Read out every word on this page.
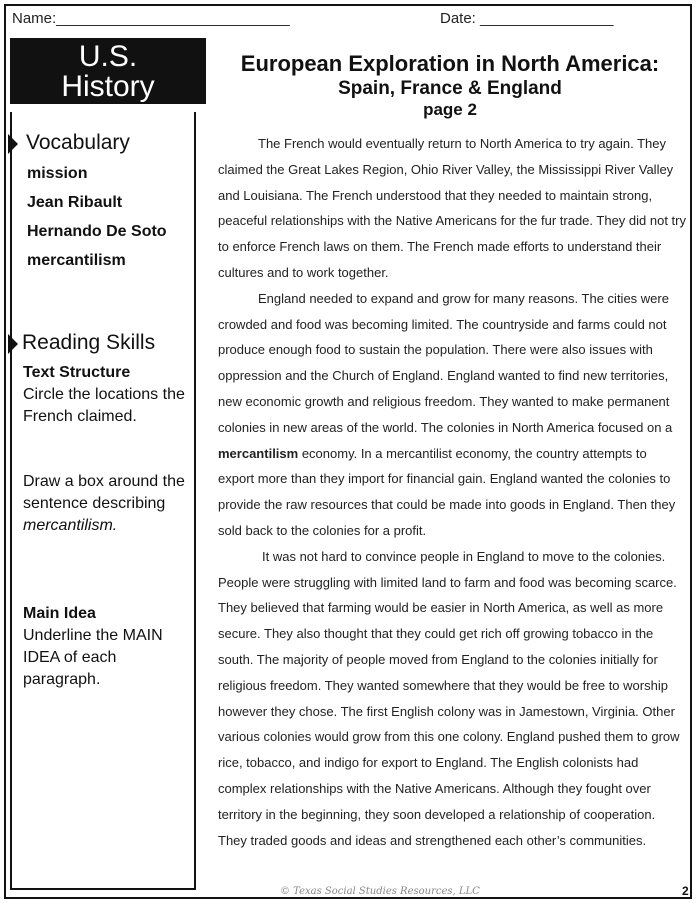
Name:____________________________	Date: ________________
U.S.
History
Vocabulary
mission
Jean Ribault
Hernando De Soto
mercantilism
Reading Skills
Text Structure
Circle the locations the French claimed.
Draw a box around the sentence describing mercantilism.
Main Idea
Underline the MAIN IDEA of each paragraph.
European Exploration in North America:
Spain, France & England
page 2

The French would eventually return to North America to try again. They claimed the Great Lakes Region, Ohio River Valley, the Mississippi River Valley and Louisiana. The French understood that they needed to maintain strong, peaceful relationships with the Native Americans for the fur trade. They did not try to enforce French laws on them. The French made efforts to understand their cultures and to work together.

England needed to expand and grow for many reasons. The cities were crowded and food was becoming limited. The countryside and farms could not produce enough food to sustain the population. There were also issues with oppression and the Church of England. England wanted to find new territories, new economic growth and religious freedom. They wanted to make permanent colonies in new areas of the world. The colonies in North America focused on a mercantilism economy. In a mercantilist economy, the country attempts to export more than they import for financial gain. England wanted the colonies to provide the raw resources that could be made into goods in England. Then they sold back to the colonies for a profit.

It was not hard to convince people in England to move to the colonies. People were struggling with limited land to farm and food was becoming scarce. They believed that farming would be easier in North America, as well as more secure. They also thought that they could get rich off growing tobacco in the south. The majority of people moved from England to the colonies initially for religious freedom. They wanted somewhere that they would be free to worship however they chose. The first English colony was in Jamestown, Virginia. Other various colonies would grow from this one colony. England pushed them to grow rice, tobacco, and indigo for export to England. The English colonists had complex relationships with the Native Americans. Although they fought over territory in the beginning, they soon developed a relationship of cooperation. They traded goods and ideas and strengthened each other’s communities.

© Texas Social Studies Resources, LLC	2
